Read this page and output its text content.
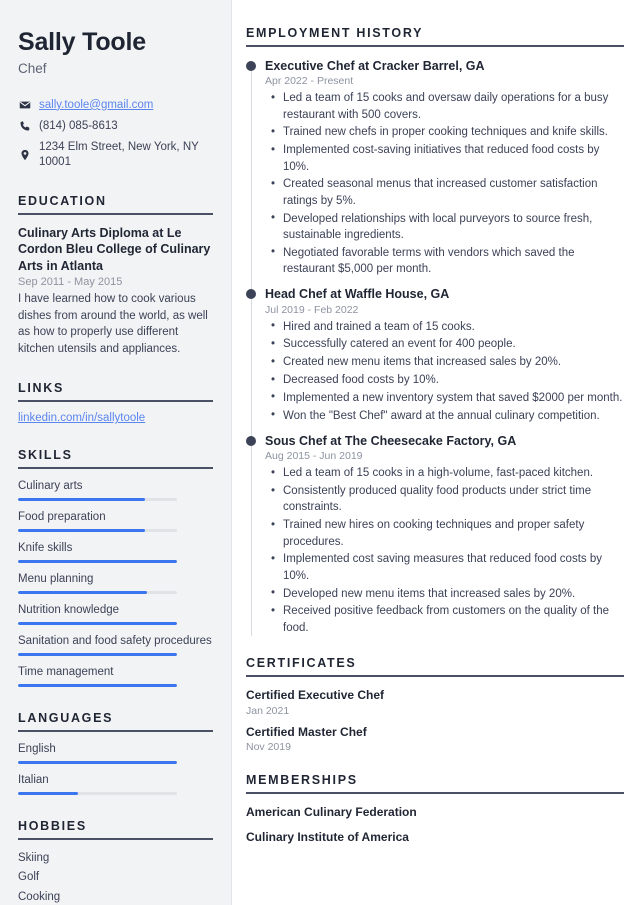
Sally Toole
Chef
sally.toole@gmail.com
(814) 085-8613
1234 Elm Street, New York, NY 10001
EDUCATION
Culinary Arts Diploma at Le Cordon Bleu College of Culinary Arts in Atlanta
Sep 2011 - May 2015
I have learned how to cook various dishes from around the world, as well as how to properly use different kitchen utensils and appliances.
LINKS
linkedin.com/in/sallytoole
SKILLS
Culinary arts
Food preparation
Knife skills
Menu planning
Nutrition knowledge
Sanitation and food safety procedures
Time management
LANGUAGES
English
Italian
HOBBIES
Skiing
Golf
Cooking
EMPLOYMENT HISTORY
Executive Chef at Cracker Barrel, GA
Apr 2022 - Present
• Led a team of 15 cooks and oversaw daily operations for a busy restaurant with 500 covers.
• Trained new chefs in proper cooking techniques and knife skills.
• Implemented cost-saving initiatives that reduced food costs by 10%.
• Created seasonal menus that increased customer satisfaction ratings by 5%.
• Developed relationships with local purveyors to source fresh, sustainable ingredients.
• Negotiated favorable terms with vendors which saved the restaurant $5,000 per month.
Head Chef at Waffle House, GA
Jul 2019 - Feb 2022
• Hired and trained a team of 15 cooks.
• Successfully catered an event for 400 people.
• Created new menu items that increased sales by 20%.
• Decreased food costs by 10%.
• Implemented a new inventory system that saved $2000 per month.
• Won the "Best Chef" award at the annual culinary competition.
Sous Chef at The Cheesecake Factory, GA
Aug 2015 - Jun 2019
• Led a team of 15 cooks in a high-volume, fast-paced kitchen.
• Consistently produced quality food products under strict time constraints.
• Trained new hires on cooking techniques and proper safety procedures.
• Implemented cost saving measures that reduced food costs by 10%.
• Developed new menu items that increased sales by 20%.
• Received positive feedback from customers on the quality of the food.
CERTIFICATES
Certified Executive Chef
Jan 2021
Certified Master Chef
Nov 2019
MEMBERSHIPS
American Culinary Federation
Culinary Institute of America
